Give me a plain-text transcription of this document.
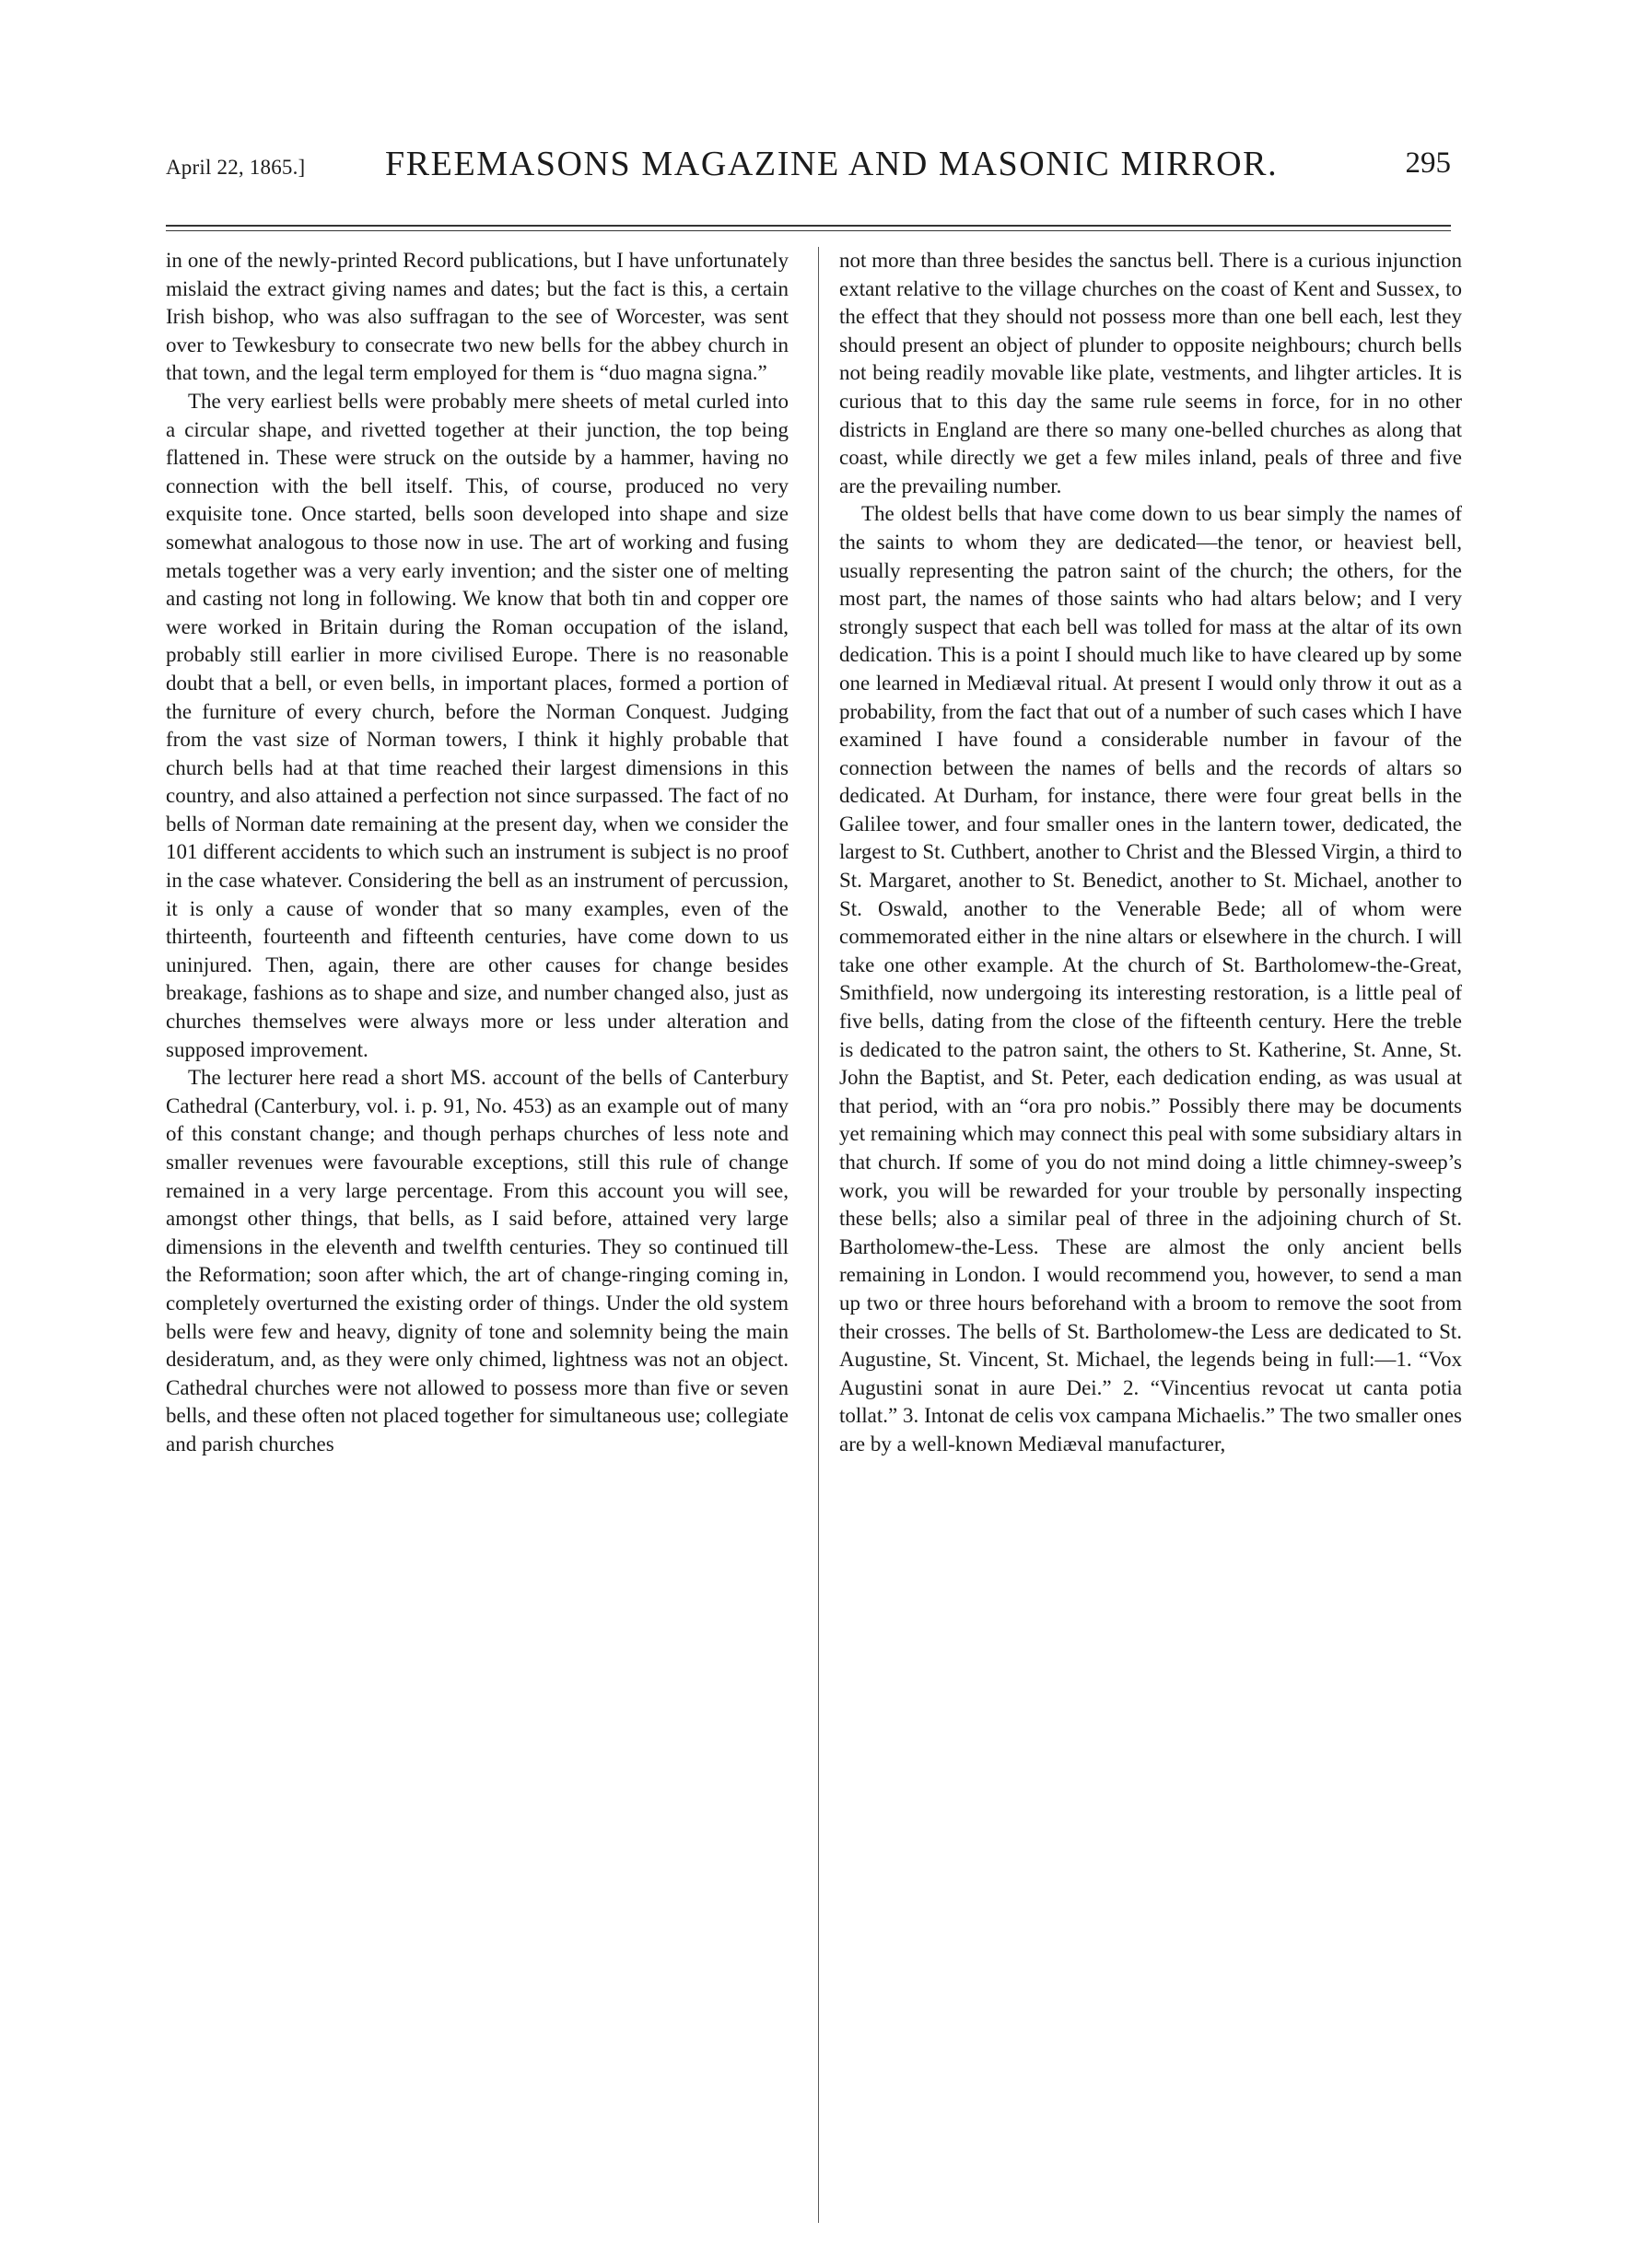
April 22, 1865.] FREEMASONS MAGAZINE AND MASONIC MIRROR.	295

in one of the newly-printed Record publications, but I have unfortunately mislaid the extract giving names and dates; but the fact is this, a certain Irish bishop, who was also suffragan to the see of Worcester, was sent over to Tewkesbury to consecrate two new bells for the abbey church in that town, and the legal term employed for them is “duo magna signa.”

The very earliest bells were probably mere sheets of metal curled into a circular shape, and rivetted together at their junction, the top being flattened in. These were struck on the outside by a hammer, having no connection with the bell itself. This, of course, produced no very exquisite tone. Once started, bells soon developed into shape and size somewhat analogous to those now in use. The art of working and fusing metals together was a very early invention; and the sister one of melting and casting not long in following. We know that both tin and copper ore were worked in Britain during the Roman occupation of the island, probably still earlier in more civilised Europe. There is no reasonable doubt that a bell, or even bells, in important places, formed a portion of the furniture of every church, before the Norman Conquest. Judging from the vast size of Norman towers, I think it highly probable that church bells had at that time reached their largest dimensions in this country, and also attained a perfection not since surpassed. The fact of no bells of Norman date remaining at the present day, when we consider the 101 different accidents to which such an instrument is subject is no proof in the case whatever. Considering the bell as an instrument of percussion, it is only a cause of wonder that so many examples, even of the thirteenth, fourteenth and fifteenth centuries, have come down to us uninjured. Then, again, there are other causes for change besides breakage, fashions as to shape and size, and number changed also, just as churches themselves were always more or less under alteration and supposed improvement.

The lecturer here read a short MS. account of the bells of Canterbury Cathedral (Canterbury, vol. i. p. 91, No. 453) as an example out of many of this constant change; and though perhaps churches of less note and smaller revenues were favourable exceptions, still this rule of change remained in a very large percentage. From this account you will see, amongst other things, that bells, as I said before, attained very large dimensions in the eleventh and twelfth centuries. They so continued till the Reformation; soon after which, the art of change-ringing coming in, completely overturned the existing order of things. Under the old system bells were few and heavy, dignity of tone and solemnity being the main desideratum, and, as they were only chimed, lightness was not an object. Cathedral churches were not allowed to possess more than five or seven bells, and these often not placed together for simultaneous use; collegiate and parish churches

not more than three besides the sanctus bell. There is a curious injunction extant relative to the village churches on the coast of Kent and Sussex, to the effect that they should not possess more than one bell each, lest they should present an object of plunder to opposite neighbours; church bells not being readily movable like plate, vestments, and lihgter articles. It is curious that to this day the same rule seems in force, for in no other districts in England are there so many one-belled churches as along that coast, while directly we get a few miles inland, peals of three and five are the prevailing number.

The oldest bells that have come down to us bear simply the names of the saints to whom they are dedicated—the tenor, or heaviest bell, usually representing the patron saint of the church; the others, for the most part, the names of those saints who had altars below; and I very strongly suspect that each bell was tolled for mass at the altar of its own dedication. This is a point I should much like to have cleared up by some one learned in Mediæval ritual. At present I would only throw it out as a probability, from the fact that out of a number of such cases which I have examined I have found a considerable number in favour of the connection between the names of bells and the records of altars so dedicated. At Durham, for instance, there were four great bells in the Galilee tower, and four smaller ones in the lantern tower, dedicated, the largest to St. Cuthbert, another to Christ and the Blessed Virgin, a third to St. Margaret, another to St. Benedict, another to St. Michael, another to St. Oswald, another to the Venerable Bede; all of whom were commemorated either in the nine altars or elsewhere in the church. I will take one other example. At the church of St. Bartholomew-the-Great, Smithfield, now undergoing its interesting restoration, is a little peal of five bells, dating from the close of the fifteenth century. Here the treble is dedicated to the patron saint, the others to St. Katherine, St. Anne, St. John the Baptist, and St. Peter, each dedication ending, as was usual at that period, with an “ora pro nobis.” Possibly there may be documents yet remaining which may connect this peal with some subsidiary altars in that church. If some of you do not mind doing a little chimney-sweep’s work, you will be rewarded for your trouble by personally inspecting these bells; also a similar peal of three in the adjoining church of St. Bartholomew-the-Less. These are almost the only ancient bells remaining in London. I would recommend you, however, to send a man up two or three hours beforehand with a broom to remove the soot from their crosses. The bells of St. Bartholomew-the Less are dedicated to St. Augustine, St. Vincent, St. Michael, the legends being in full:—1. “Vox Augustini sonat in aure Dei.” 2. “Vincentius revocat ut canta potia tollat.” 3. Intonat de celis vox campana Michaelis.” The two smaller ones are by a well-known Mediæval manufacturer,
